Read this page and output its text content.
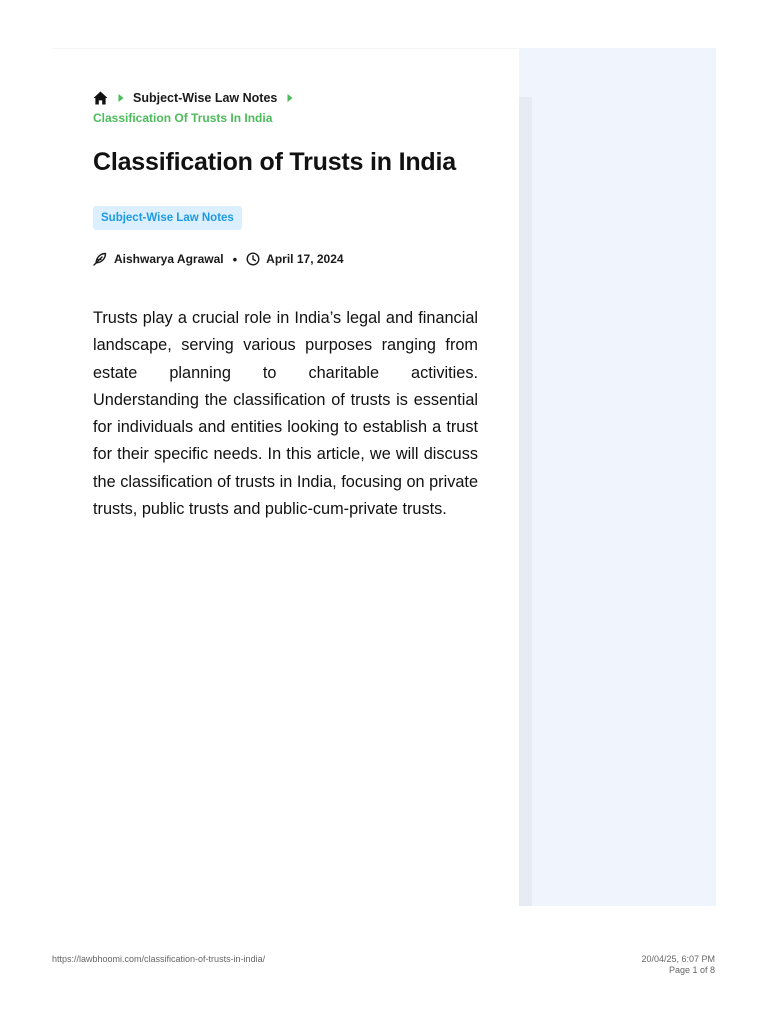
Subject-Wise Law Notes
Classification Of Trusts In India
Classification of Trusts in India
Subject-Wise Law Notes
Aishwarya Agrawal • April 17, 2024

Trusts play a crucial role in India’s legal and financial landscape, serving various purposes ranging from estate planning to charitable activities. Understanding the classification of trusts is essential for individuals and entities looking to establish a trust for their specific needs. In this article, we will discuss the classification of trusts in India, focusing on private trusts, public trusts and public-cum-private trusts.

https://lawbhoomi.com/classification-of-trusts-in-india/	20/04/25, 6:07 PM
Page 1 of 8
